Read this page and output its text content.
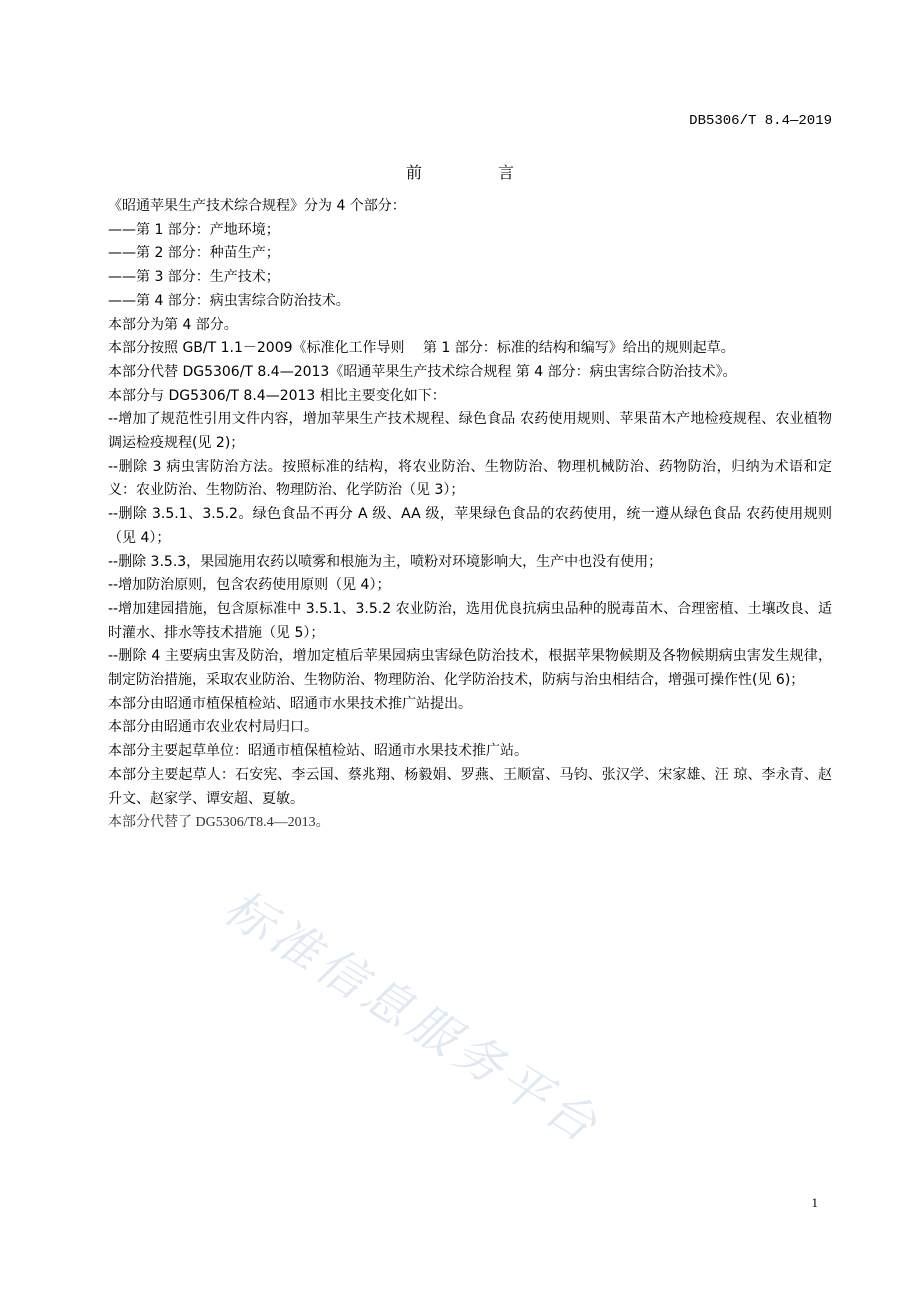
DB5306/T 8.4—2019
前　言

《昭通苹果生产技术综合规程》分为 4 个部分：

——第 1 部分：产地环境；

——第 2 部分：种苗生产；

——第 3 部分：生产技术；

——第 4 部分：病虫害综合防治技术。

本部分为第 4 部分。

本部分按照 GB/T 1.1－2009《标准化工作导则　 第 1 部分：标准的结构和编写》给出的规则起草。

本部分代替 DG5306/T 8.4—2013《昭通苹果生产技术综合规程 第 4 部分：病虫害综合防治技术》。

本部分与 DG5306/T 8.4—2013 相比主要变化如下：

--增加了规范性引用文件内容，增加苹果生产技术规程、绿色食品 农药使用规则、苹果苗木产地检疫规程、农业植物调运检疫规程(见 2)；

--删除 3 病虫害防治方法。按照标准的结构，将农业防治、生物防治、物理机械防治、药物防治，归纳为术语和定义：农业防治、生物防治、物理防治、化学防治（见 3）；

--删除 3.5.1、3.5.2。绿色食品不再分 A 级、AA 级，苹果绿色食品的农药使用，统一遵从绿色食品 农药使用规则（见 4）；

--删除 3.5.3，果园施用农药以喷雾和根施为主，喷粉对环境影响大，生产中也没有使用；

--增加防治原则，包含农药使用原则（见 4）；

--增加建园措施，包含原标准中 3.5.1、3.5.2 农业防治，选用优良抗病虫品种的脱毒苗木、合理密植、土壤改良、适时灌水、排水等技术措施（见 5）；

--删除 4 主要病虫害及防治，增加定植后苹果园病虫害绿色防治技术，根据苹果物候期及各物候期病虫害发生规律，制定防治措施，采取农业防治、生物防治、物理防治、化学防治技术，防病与治虫相结合，增强可操作性(见 6)；

本部分由昭通市植保植检站、昭通市水果技术推广站提出。

本部分由昭通市农业农村局归口。

本部分主要起草单位：昭通市植保植检站、昭通市水果技术推广站。

本部分主要起草人：石安宪、李云国、蔡兆翔、杨毅娟、罗燕、王顺富、马钧、张汉学、宋家雄、汪 琼、李永青、赵升文、赵家学、谭安超、夏敏。

本部分代替了 DG5306/T8.4—2013。

标准信息服务平台
1
